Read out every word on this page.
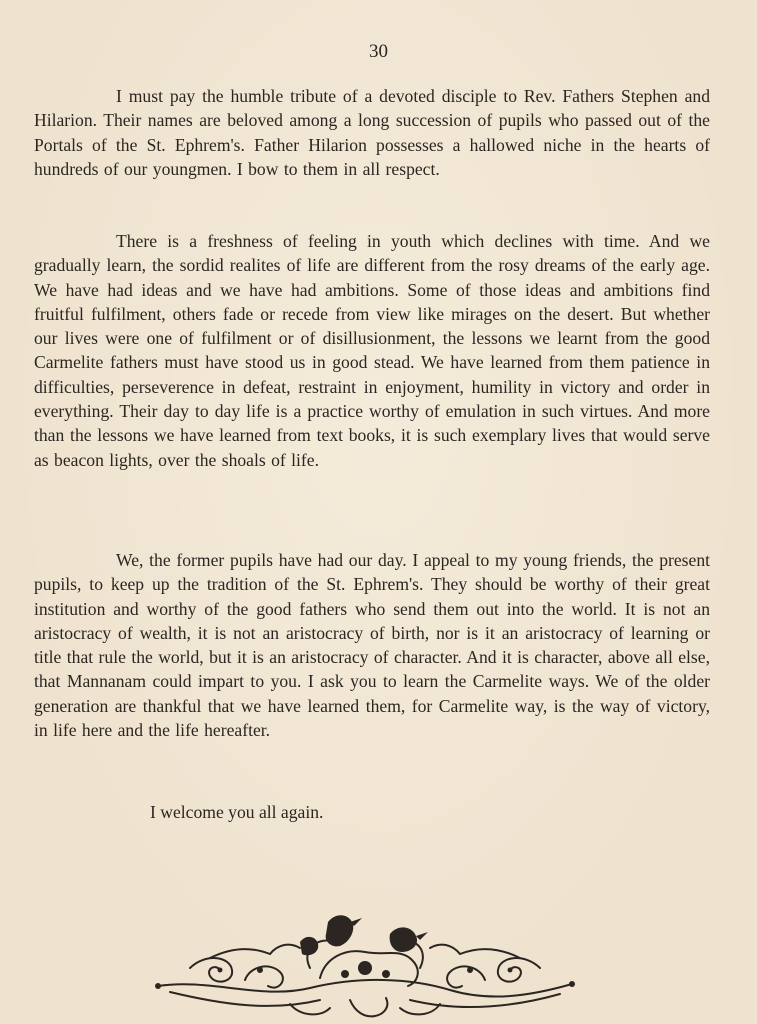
30
I must pay the humble tribute of a devoted disciple to Rev. Fathers Stephen and Hilarion. Their names are beloved among a long succession of pupils who passed out of the Portals of the St. Ephrem's. Father Hilarion possesses a hallowed niche in the hearts of hundreds of our youngmen. I bow to them in all respect.
There is a freshness of feeling in youth which declines with time. And we gradually learn, the sordid realites of life are different from the rosy dreams of the early age. We have had ideas and we have had ambitions. Some of those ideas and ambitions find fruitful fulfilment, others fade or recede from view like mirages on the desert. But whether our lives were one of fulfilment or of disillusionment, the lessons we learnt from the good Carmelite fathers must have stood us in good stead. We have learned from them patience in difficulties, perseverence in defeat, restraint in enjoyment, humility in victory and order in everything. Their day to day life is a practice worthy of emulation in such virtues. And more than the lessons we have learned from text books, it is such exemplary lives that would serve as beacon lights, over the shoals of life.
We, the former pupils have had our day. I appeal to my young friends, the present pupils, to keep up the tradition of the St. Ephrem's. They should be worthy of their great institution and worthy of the good fathers who send them out into the world. It is not an aristocracy of wealth, it is not an aristocracy of birth, nor is it an aristocracy of learning or title that rule the world, but it is an aristocracy of character. And it is character, above all else, that Mannanam could impart to you. I ask you to learn the Carmelite ways. We of the older generation are thankful that we have learned them, for Carmelite way, is the way of victory, in life here and the life hereafter.
I welcome you all again.
